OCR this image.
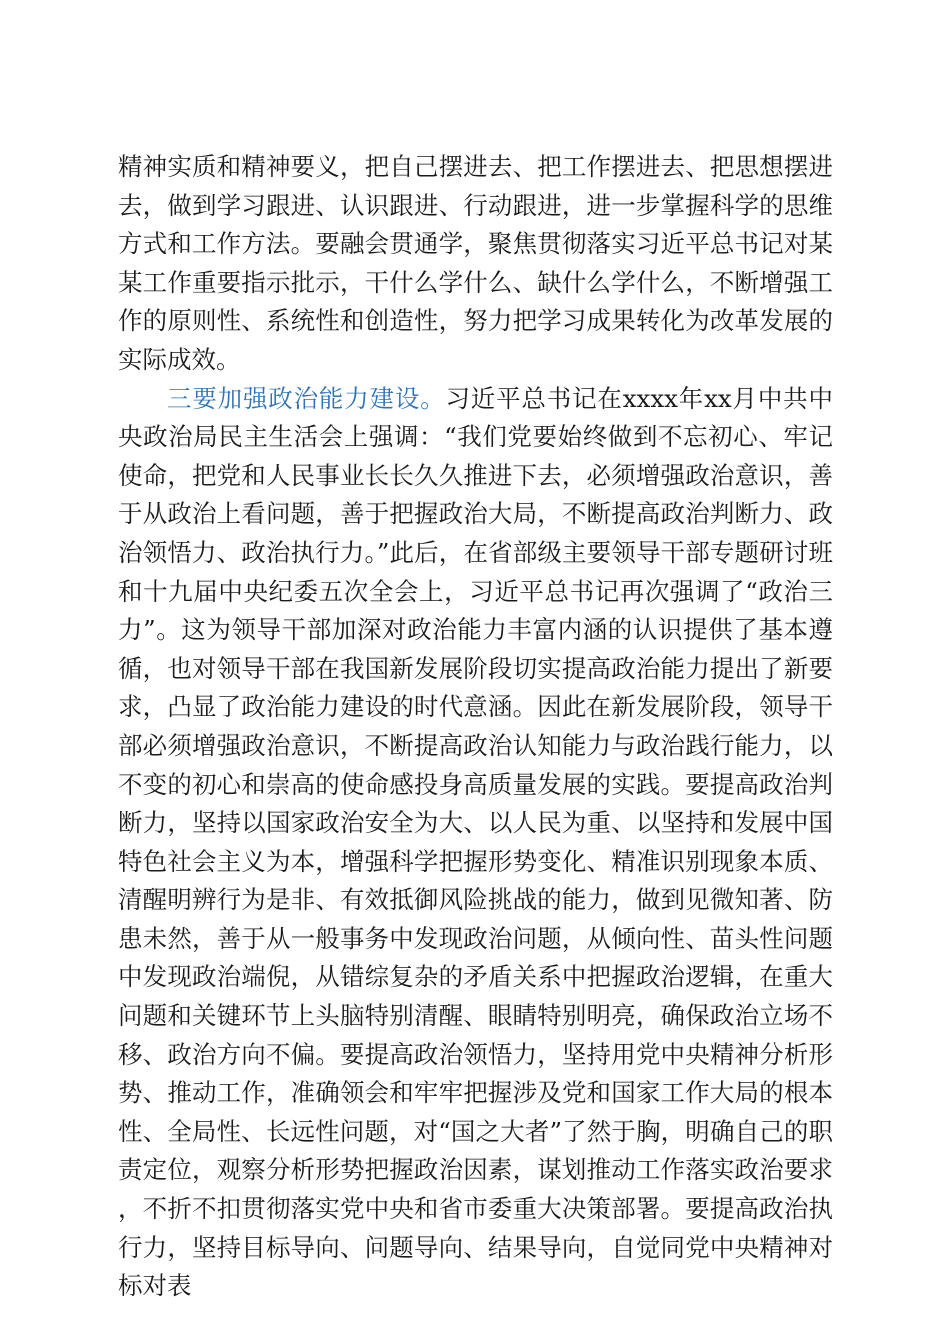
精神实质和精神要义，把自己摆进去、把工作摆进去、把思想摆进去，做到学习跟进、认识跟进、行动跟进，进一步掌握科学的思维方式和工作方法。要融会贯通学，聚焦贯彻落实习近平总书记对某某工作重要指示批示，干什么学什么、缺什么学什么，不断增强工作的原则性、系统性和创造性，努力把学习成果转化为改革发展的实际成效。

三要加强政治能力建设。习近平总书记在xxxx年xx月中共中央政治局民主生活会上强调：“我们党要始终做到不忘初心、牢记使命，把党和人民事业长长久久推进下去，必须增强政治意识，善于从政治上看问题，善于把握政治大局，不断提高政治判断力、政治领悟力、政治执行力。”此后，在省部级主要领导干部专题研讨班和十九届中央纪委五次全会上，习近平总书记再次强调了“政治三力”。这为领导干部加深对政治能力丰富内涵的认识提供了基本遵循，也对领导干部在我国新发展阶段切实提高政治能力提出了新要求，凸显了政治能力建设的时代意涵。因此在新发展阶段，领导干部必须增强政治意识，不断提高政治认知能力与政治践行能力，以不变的初心和崇高的使命感投身高质量发展的实践。要提高政治判断力，坚持以国家政治安全为大、以人民为重、以坚持和发展中国特色社会主义为本，增强科学把握形势变化、精准识别现象本质、清醒明辨行为是非、有效抵御风险挑战的能力，做到见微知著、防患未然，善于从一般事务中发现政治问题，从倾向性、苗头性问题中发现政治端倪，从错综复杂的矛盾关系中把握政治逻辑，在重大问题和关键环节上头脑特别清醒、眼睛特别明亮，确保政治立场不移、政治方向不偏。要提高政治领悟力，坚持用党中央精神分析形势、推动工作，准确领会和牢牢把握涉及党和国家工作大局的根本性、全局性、长远性问题，对“国之大者”了然于胸，明确自己的职责定位，观察分析形势把握政治因素，谋划推动工作落实政治要求，不折不扣贯彻落实党中央和省市委重大决策部署。要提高政治执行力，坚持目标导向、问题导向、结果导向，自觉同党中央精神对标对表
